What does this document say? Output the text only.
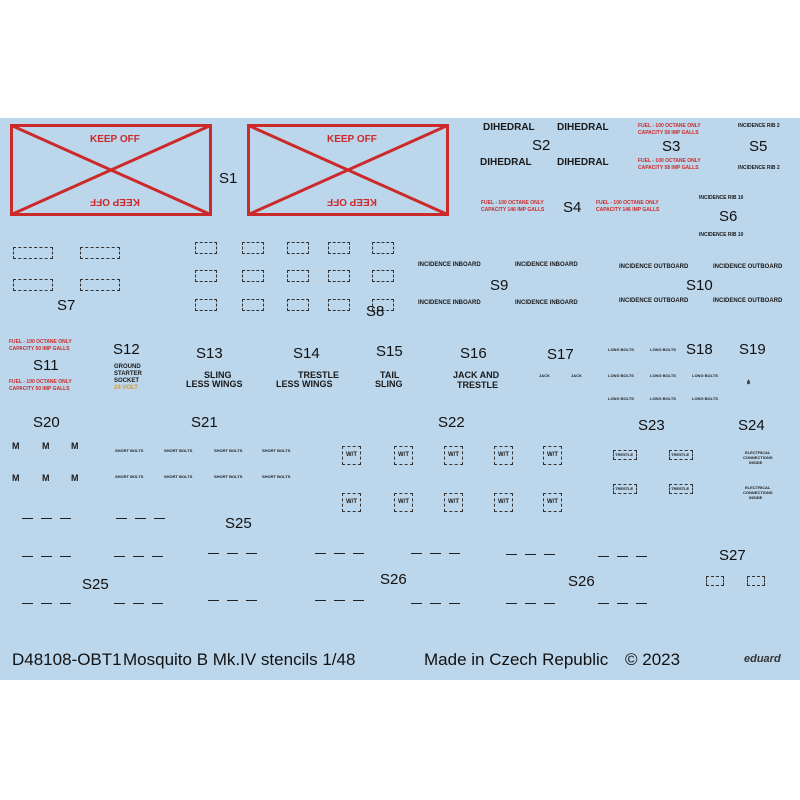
KEEP OFF
KEEP OFF
KEEP OFF
KEEP OFF
S1
DIHEDRAL DIHEDRAL
DIHEDRAL	DIHEDRAL
S2
FUEL - 100 OCTANE ONLY
CAPACITY 58 IMP GALLS
FUEL - 100 OCTANE ONLY
CAPACITY 58 IMP GALLS
S3
INCIDENCE RIB 2
INCIDENCE RIB 2
S5
FUEL - 100 OCTANE ONLY
CAPACITY 146 IMP GALLS
FUEL - 100 OCTANE ONLY
CAPACITY 146 IMP GALLS
S4
INCIDENCE RIB 10
INCIDENCE RIB 10
S6
S7	S8
INCIDENCE INBOARD	INCIDENCE INBOARD
INCIDENCE INBOARD	INCIDENCE INBOARD
S9
INCIDENCE OUTBOARD	INCIDENCE OUTBOARD
INCIDENCE OUTBOARD	INCIDENCE OUTBOARD
S10
FUEL - 100 OCTANE ONLY
CAPACITY 50 IMP GALLS
FUEL - 100 OCTANE ONLY
CAPACITY 50 IMP GALLS
S11
S12
GROUND
STARTER
SOCKET
24 VOLT
S13
SLING
LESS WINGS
S14
TRESTLE
LESS WINGS
S15
TAIL
SLING
S16
JACK AND
TRESTLE
S17
JACK	JACK
LONG BOLTS	LONG BOLTS
LONG BOLTS	LONG BOLTS	LONG BOLTS
LONG BOLTS	LONG BOLTS	LONG BOLTS
S18 S19
⋔
S20
M	M M
M	M M
S21
SHORT BOLTS	SHORT BOLTS	SHORT BOLTS	SHORT BOLTS
SHORT BOLTS	SHORT BOLTS	SHORT BOLTS	SHORT BOLTS
S22
W/T	W/T	W/T	W/T	W/T
W/T	W/T	W/T	W/T	W/T
S23
TRESTLE	TRESTLE
TRESTLE	TRESTLE
S24
ELECTRICAL
CONNECTIONS
INSIDE
ELECTRICAL
CONNECTIONS
INSIDE
S25
S25	S26	S26
S27
D48108-OBT1 Mosquito B Mk.IV stencils 1/48	Made in Czech Republic © 2023	eduard
